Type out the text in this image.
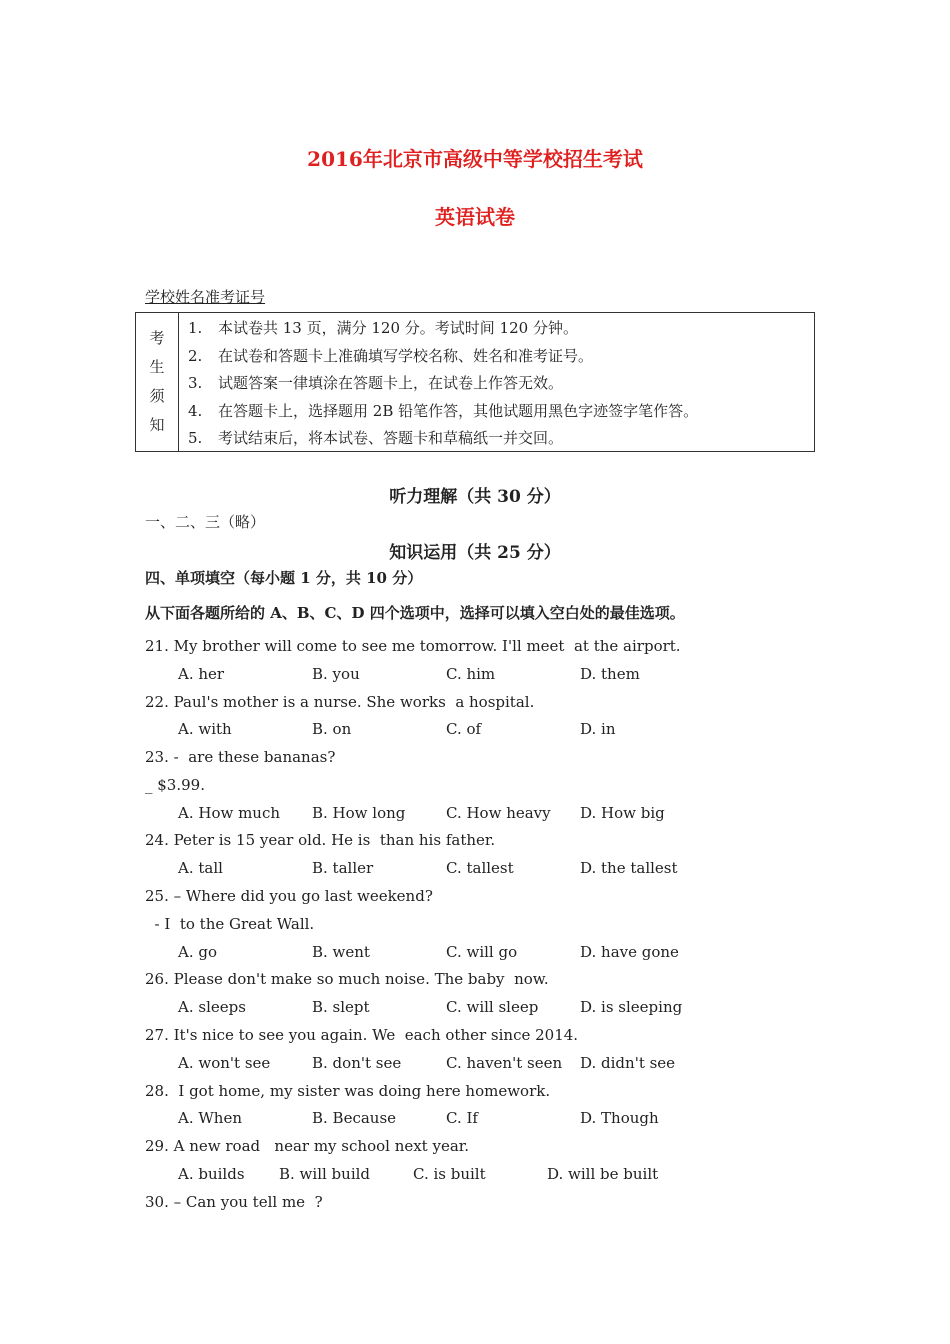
2016年北京市高级中等学校招生考试
英语试卷
学校姓名准考证号
考
生
须
知
1.	本试卷共 13 页，满分 120 分。考试时间 120 分钟。
2.	在试卷和答题卡上准确填写学校名称、姓名和准考证号。
3.	试题答案一律填涂在答题卡上，在试卷上作答无效。
4.	在答题卡上，选择题用 2B 铅笔作答，其他试题用黑色字迹签字笔作答。
5.	考试结束后，将本试卷、答题卡和草稿纸一并交回。
听力理解（共 30 分）
一、二、三（略）
知识运用（共 25 分）
四、单项填空（每小题 1 分，共 10 分）
从下面各题所给的 A、B、C、D 四个选项中，选择可以填入空白处的最佳选项。
21. My brother will come to see me tomorrow. I'll meet  at the airport.
A. her	B. you	C. him	D. them
22. Paul's mother is a nurse. She works  a hospital.
A. with	B. on	C. of	D. in
23. -  are these bananas?
_ $3.99.
A. How much B. How long	C. How heavy D. How big
24. Peter is 15 year old. He is  than his father.
A. tall	B. taller	C. tallest	D. the tallest
25. – Where did you go last weekend?
- I  to the Great Wall.
A. go	B. went	C. will go	D. have gone
26. Please don't make so much noise. The baby  now.
A. sleeps	B. slept	C. will sleep	D. is sleeping
27. It's nice to see you again. We  each other since 2014.
A. won't see	B. don't see	C. haven't seen D. didn't see
28.  I got home, my sister was doing here homework.
A. When	B. Because	C. If	D. Though
29. A new road   near my school next year.
A. builds B. will build	C. is built	D. will be built
30. – Can you tell me  ?
